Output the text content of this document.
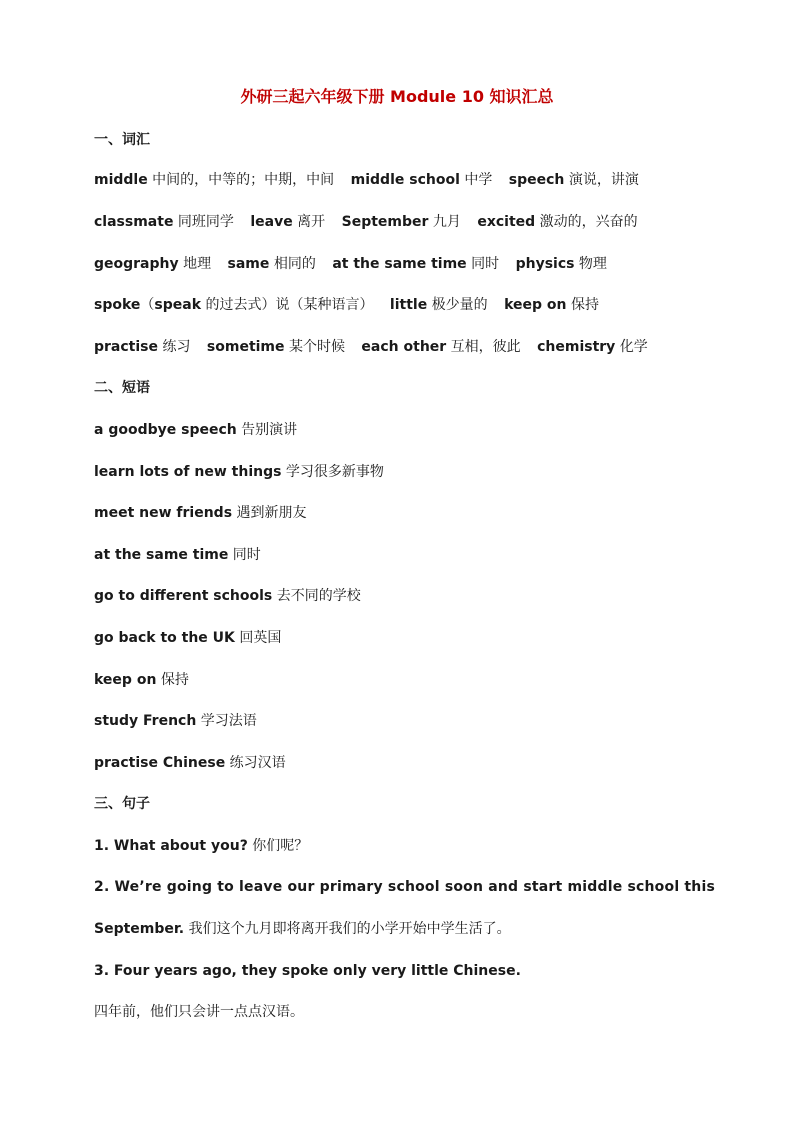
外研三起六年级下册 Module 10 知识汇总
一、词汇
middle 中间的，中等的；中期，中间 middle school 中学 speech 演说，讲演
classmate 同班同学 leave 离开 September 九月 excited 激动的，兴奋的
geography 地理 same 相同的 at the same time 同时 physics 物理
spoke（speak 的过去式）说（某种语言） little 极少量的 keep on 保持
practise 练习 sometime 某个时候 each other 互相，彼此 chemistry 化学
二、短语
a goodbye speech 告别演讲
learn lots of new things 学习很多新事物
meet new friends 遇到新朋友
at the same time 同时
go to different schools 去不同的学校
go back to the UK 回英国
keep on 保持
study French 学习法语
practise Chinese 练习汉语
三、句子
1. What about you? 你们呢？
2. We’re going to leave our primary school soon and start middle school this
September. 我们这个九月即将离开我们的小学开始中学生活了。
3. Four years ago, they spoke only very little Chinese.
四年前，他们只会讲一点点汉语。
